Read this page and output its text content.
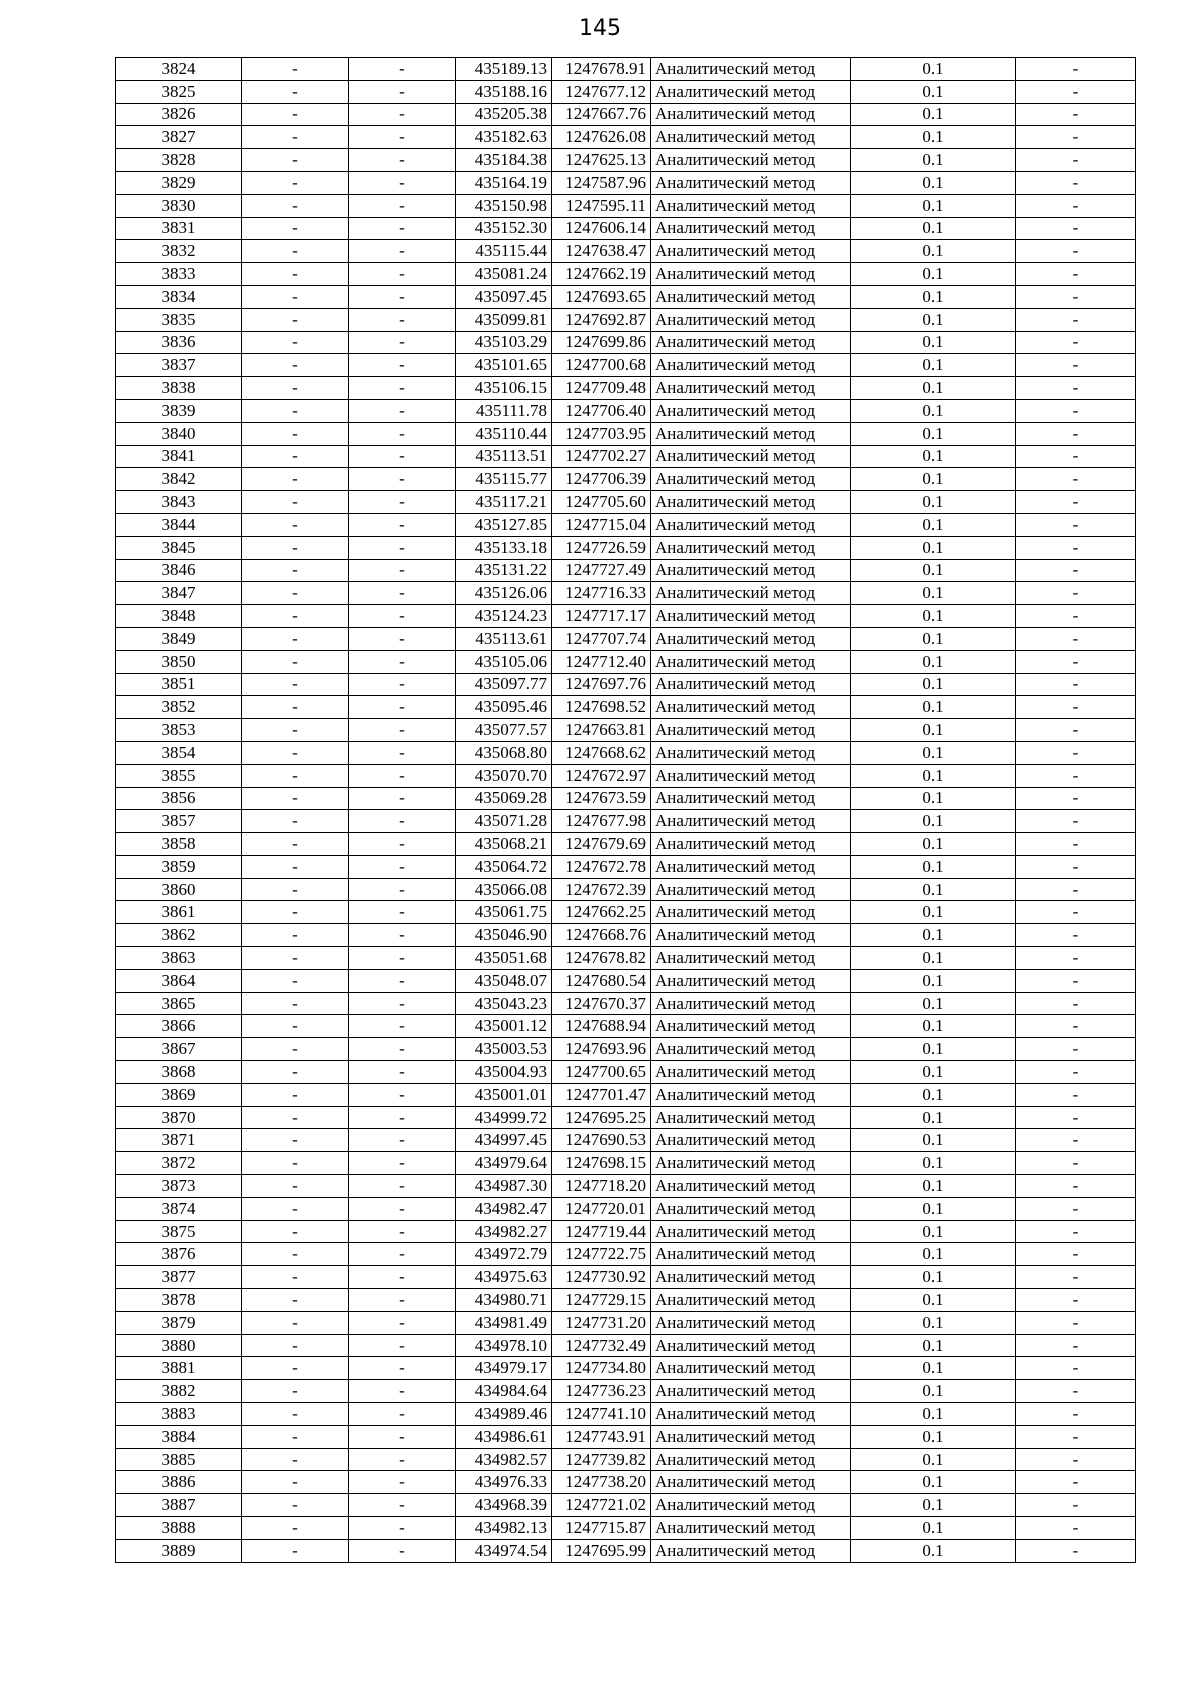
145
3824	-	-	435189.13	1247678.91	Аналитический метод	0.1	-
3825	-	-	435188.16	1247677.12	Аналитический метод	0.1	-
3826	-	-	435205.38	1247667.76	Аналитический метод	0.1	-
3827	-	-	435182.63	1247626.08	Аналитический метод	0.1	-
3828	-	-	435184.38	1247625.13	Аналитический метод	0.1	-
3829	-	-	435164.19	1247587.96	Аналитический метод	0.1	-
3830	-	-	435150.98	1247595.11	Аналитический метод	0.1	-
3831	-	-	435152.30	1247606.14	Аналитический метод	0.1	-
3832	-	-	435115.44	1247638.47	Аналитический метод	0.1	-
3833	-	-	435081.24	1247662.19	Аналитический метод	0.1	-
3834	-	-	435097.45	1247693.65	Аналитический метод	0.1	-
3835	-	-	435099.81	1247692.87	Аналитический метод	0.1	-
3836	-	-	435103.29	1247699.86	Аналитический метод	0.1	-
3837	-	-	435101.65	1247700.68	Аналитический метод	0.1	-
3838	-	-	435106.15	1247709.48	Аналитический метод	0.1	-
3839	-	-	435111.78	1247706.40	Аналитический метод	0.1	-
3840	-	-	435110.44	1247703.95	Аналитический метод	0.1	-
3841	-	-	435113.51	1247702.27	Аналитический метод	0.1	-
3842	-	-	435115.77	1247706.39	Аналитический метод	0.1	-
3843	-	-	435117.21	1247705.60	Аналитический метод	0.1	-
3844	-	-	435127.85	1247715.04	Аналитический метод	0.1	-
3845	-	-	435133.18	1247726.59	Аналитический метод	0.1	-
3846	-	-	435131.22	1247727.49	Аналитический метод	0.1	-
3847	-	-	435126.06	1247716.33	Аналитический метод	0.1	-
3848	-	-	435124.23	1247717.17	Аналитический метод	0.1	-
3849	-	-	435113.61	1247707.74	Аналитический метод	0.1	-
3850	-	-	435105.06	1247712.40	Аналитический метод	0.1	-
3851	-	-	435097.77	1247697.76	Аналитический метод	0.1	-
3852	-	-	435095.46	1247698.52	Аналитический метод	0.1	-
3853	-	-	435077.57	1247663.81	Аналитический метод	0.1	-
3854	-	-	435068.80	1247668.62	Аналитический метод	0.1	-
3855	-	-	435070.70	1247672.97	Аналитический метод	0.1	-
3856	-	-	435069.28	1247673.59	Аналитический метод	0.1	-
3857	-	-	435071.28	1247677.98	Аналитический метод	0.1	-
3858	-	-	435068.21	1247679.69	Аналитический метод	0.1	-
3859	-	-	435064.72	1247672.78	Аналитический метод	0.1	-
3860	-	-	435066.08	1247672.39	Аналитический метод	0.1	-
3861	-	-	435061.75	1247662.25	Аналитический метод	0.1	-
3862	-	-	435046.90	1247668.76	Аналитический метод	0.1	-
3863	-	-	435051.68	1247678.82	Аналитический метод	0.1	-
3864	-	-	435048.07	1247680.54	Аналитический метод	0.1	-
3865	-	-	435043.23	1247670.37	Аналитический метод	0.1	-
3866	-	-	435001.12	1247688.94	Аналитический метод	0.1	-
3867	-	-	435003.53	1247693.96	Аналитический метод	0.1	-
3868	-	-	435004.93	1247700.65	Аналитический метод	0.1	-
3869	-	-	435001.01	1247701.47	Аналитический метод	0.1	-
3870	-	-	434999.72	1247695.25	Аналитический метод	0.1	-
3871	-	-	434997.45	1247690.53	Аналитический метод	0.1	-
3872	-	-	434979.64	1247698.15	Аналитический метод	0.1	-
3873	-	-	434987.30	1247718.20	Аналитический метод	0.1	-
3874	-	-	434982.47	1247720.01	Аналитический метод	0.1	-
3875	-	-	434982.27	1247719.44	Аналитический метод	0.1	-
3876	-	-	434972.79	1247722.75	Аналитический метод	0.1	-
3877	-	-	434975.63	1247730.92	Аналитический метод	0.1	-
3878	-	-	434980.71	1247729.15	Аналитический метод	0.1	-
3879	-	-	434981.49	1247731.20	Аналитический метод	0.1	-
3880	-	-	434978.10	1247732.49	Аналитический метод	0.1	-
3881	-	-	434979.17	1247734.80	Аналитический метод	0.1	-
3882	-	-	434984.64	1247736.23	Аналитический метод	0.1	-
3883	-	-	434989.46	1247741.10	Аналитический метод	0.1	-
3884	-	-	434986.61	1247743.91	Аналитический метод	0.1	-
3885	-	-	434982.57	1247739.82	Аналитический метод	0.1	-
3886	-	-	434976.33	1247738.20	Аналитический метод	0.1	-
3887	-	-	434968.39	1247721.02	Аналитический метод	0.1	-
3888	-	-	434982.13	1247715.87	Аналитический метод	0.1	-
3889	-	-	434974.54	1247695.99	Аналитический метод	0.1	-
